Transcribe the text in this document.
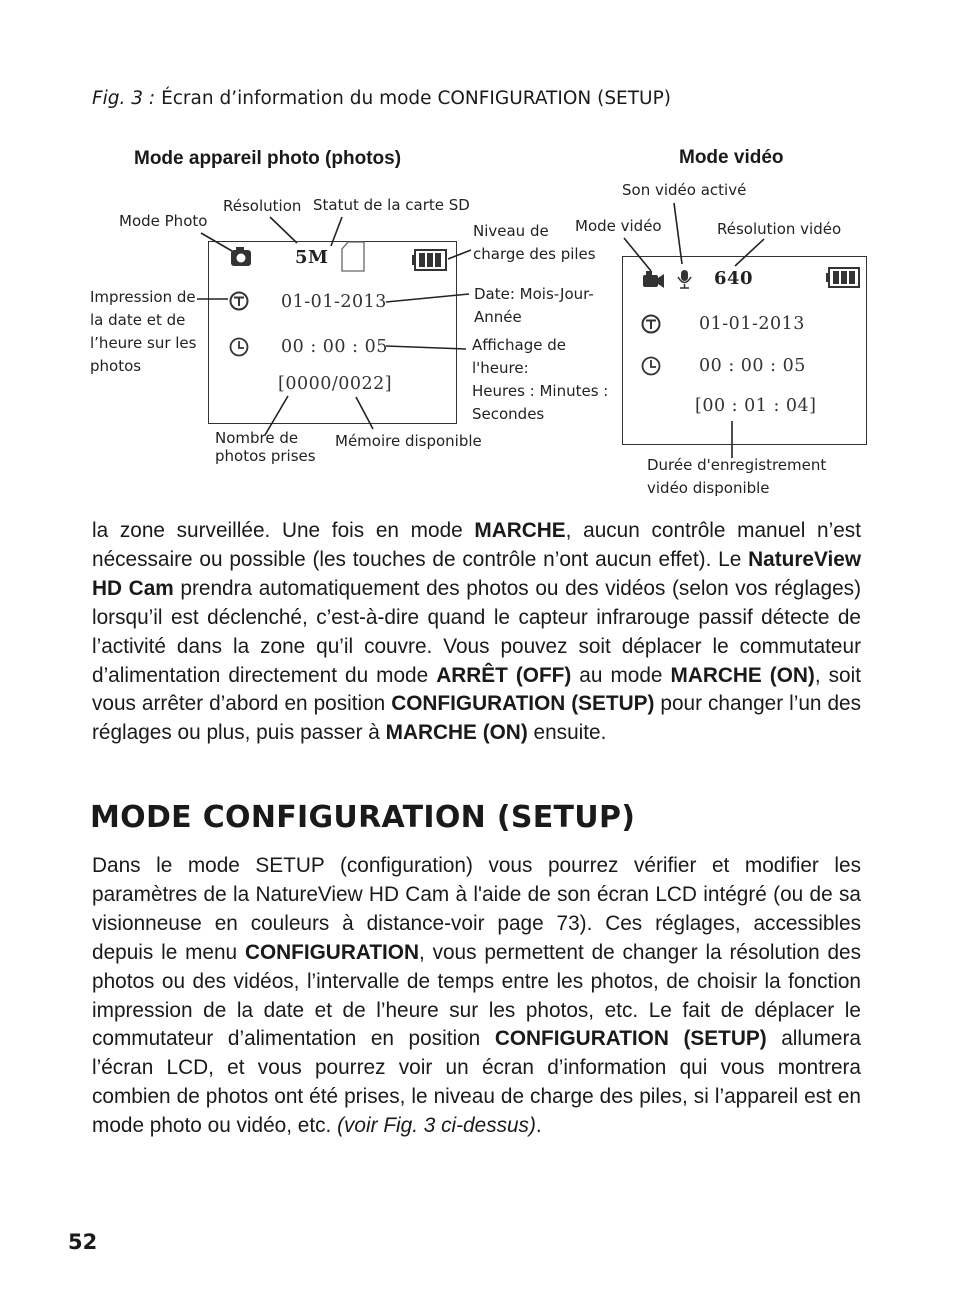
Fig. 3 : Écran d’information du mode CONFIGURATION (SETUP)
Mode appareil photo (photos)	Mode vidéo
5M
01-01-2013
00 : 00 : 05
[0000/0022]
640
01-01-2013
00 : 00 : 05
[00 : 01 : 04]
Mode Photo
Résolution Statut de la carte SD
Niveau de
charge des piles
Impression de
la date et de
l’heure sur les
photos
Date: Mois-Jour-
Année
Affichage de
l'heure:
Heures : Minutes :
Secondes
Nombre de
photos prises
Mémoire disponible
Son vidéo activé
Mode vidéo	Résolution vidéo
Durée d'enregistrement
vidéo disponible
la zone surveillée. Une fois en mode MARCHE, aucun contrôle manuel n’est nécessaire ou possible (les touches de contrôle n’ont aucun effet). Le NatureView HD Cam prendra automatiquement des photos ou des vidéos (selon vos réglages) lorsqu’il est déclenché, c’est-à-dire quand le capteur infrarouge passif détecte de l’activité dans la zone qu’il couvre. Vous pouvez soit déplacer le commutateur d’alimentation directement du mode ARRÊT (OFF) au mode MARCHE (ON), soit vous arrêter d’abord en position CONFIGURATION (SETUP) pour changer l’un des réglages ou plus, puis passer à MARCHE (ON) ensuite.
MODE CONFIGURATION (SETUP)
Dans le mode SETUP (configuration) vous pourrez vérifier et modifier les paramètres de la NatureView HD Cam à l'aide de son écran LCD intégré (ou de sa visionneuse en couleurs à distance-voir page 73). Ces réglages, accessibles depuis le menu CONFIGURATION, vous permettent de changer la résolution des photos ou des vidéos, l’intervalle de temps entre les photos, de choisir la fonction impression de la date et de l’heure sur les photos, etc. Le fait de déplacer le commutateur d’alimentation en position CONFIGURATION (SETUP) allumera l’écran LCD, et vous pourrez voir un écran d’information qui vous montrera combien de photos ont été prises, le niveau de charge des piles, si l’appareil est en mode photo ou vidéo, etc. (voir Fig. 3 ci-dessus).
52
